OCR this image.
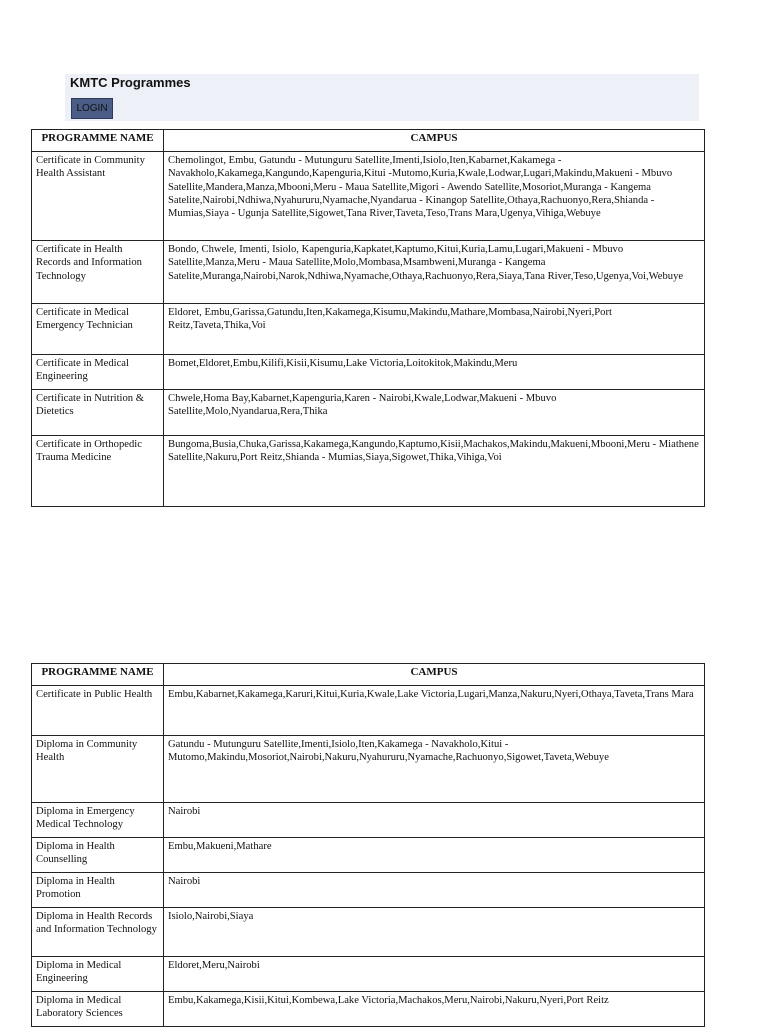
KMTC Programmes
LOGIN
PROGRAMME NAME	CAMPUS
Certificate in Community Health Assistant	Chemolingot, Embu, Gatundu - Mutunguru Satellite,Imenti,Isiolo,Iten,Kabarnet,Kakamega - Navakholo,Kakamega,Kangundo,Kapenguria,Kitui -Mutomo,Kuria,Kwale,Lodwar,Lugari,Makindu,Makueni - Mbuvo Satellite,Mandera,Manza,Mbooni,Meru - Maua Satellite,Migori - Awendo Satellite,Mosoriot,Muranga - Kangema Satelite,Nairobi,Ndhiwa,Nyahururu,Nyamache,Nyandarua - Kinangop Satellite,Othaya,Rachuonyo,Rera,Shianda - Mumias,Siaya - Ugunja Satellite,Sigowet,Tana River,Taveta,Teso,Trans Mara,Ugenya,Vihiga,Webuye
Certificate in Health Records and Information Technology	Bondo, Chwele, Imenti, Isiolo, Kapenguria,Kapkatet,Kaptumo,Kitui,Kuria,Lamu,Lugari,Makueni - Mbuvo Satellite,Manza,Meru - Maua Satellite,Molo,Mombasa,Msambweni,Muranga - Kangema Satelite,Muranga,Nairobi,Narok,Ndhiwa,Nyamache,Othaya,Rachuonyo,Rera,Siaya,Tana River,Teso,Ugenya,Voi,Webuye
Certificate in Medical Emergency Technician	Eldoret, Embu,Garissa,Gatundu,Iten,Kakamega,Kisumu,Makindu,Mathare,Mombasa,Nairobi,Nyeri,Port Reitz,Taveta,Thika,Voi
Certificate in Medical Engineering	Bomet,Eldoret,Embu,Kilifi,Kisii,Kisumu,Lake Victoria,Loitokitok,Makindu,Meru
Certificate in Nutrition & Dietetics	Chwele,Homa Bay,Kabarnet,Kapenguria,Karen - Nairobi,Kwale,Lodwar,Makueni - Mbuvo Satellite,Molo,Nyandarua,Rera,Thika
Certificate in Orthopedic Trauma Medicine	Bungoma,Busia,Chuka,Garissa,Kakamega,Kangundo,Kaptumo,Kisii,Machakos,Makindu,Makueni,Mbooni,Meru - Miathene Satellite,Nakuru,Port Reitz,Shianda - Mumias,Siaya,Sigowet,Thika,Vihiga,Voi
PROGRAMME NAME	CAMPUS
Certificate in Public Health	Embu,Kabarnet,Kakamega,Karuri,Kitui,Kuria,Kwale,Lake Victoria,Lugari,Manza,Nakuru,Nyeri,Othaya,Taveta,Trans Mara
Diploma in Community Health	Gatundu - Mutunguru Satellite,Imenti,Isiolo,Iten,Kakamega - Navakholo,Kitui - Mutomo,Makindu,Mosoriot,Nairobi,Nakuru,Nyahururu,Nyamache,Rachuonyo,Sigowet,Taveta,Webuye
Diploma in Emergency Medical Technology	Nairobi
Diploma in Health Counselling	Embu,Makueni,Mathare
Diploma in Health Promotion	Nairobi
Diploma in Health Records and Information Technology	Isiolo,Nairobi,Siaya
Diploma in Medical Engineering	Eldoret,Meru,Nairobi
Diploma in Medical Laboratory Sciences	Embu,Kakamega,Kisii,Kitui,Kombewa,Lake Victoria,Machakos,Meru,Nairobi,Nakuru,Nyeri,Port Reitz
